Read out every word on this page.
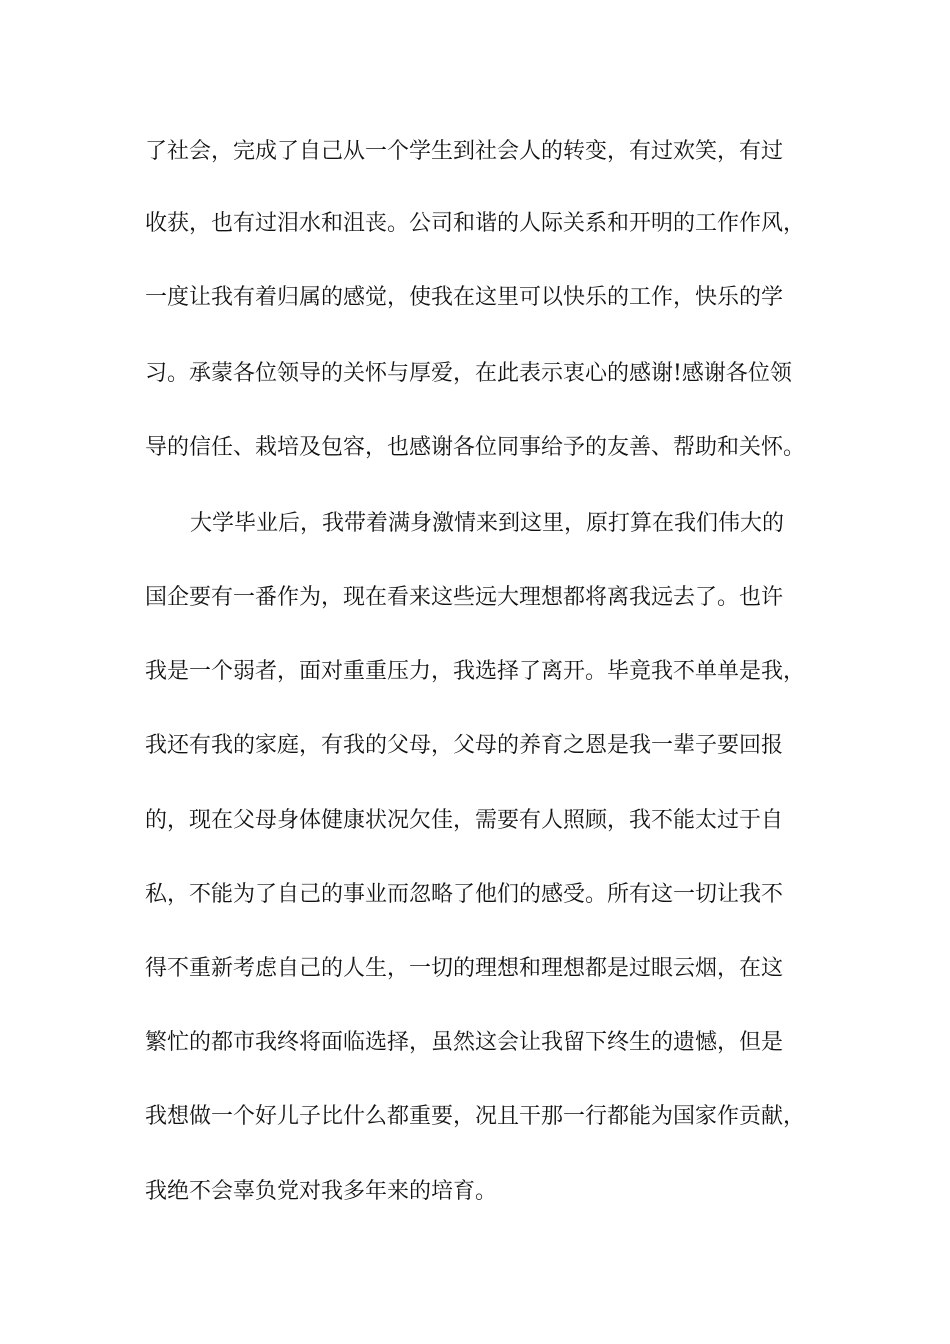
了社会，完成了自己从一个学生到社会人的转变，有过欢笑，有过

收获，也有过泪水和沮丧。公司和谐的人际关系和开明的工作作风，

一度让我有着归属的感觉，使我在这里可以快乐的工作，快乐的学

习。承蒙各位领导的关怀与厚爱，在此表示衷心的感谢!感谢各位领

导的信任、栽培及包容，也感谢各位同事给予的友善、帮助和关怀。

大学毕业后，我带着满身激情来到这里，原打算在我们伟大的

国企要有一番作为，现在看来这些远大理想都将离我远去了。也许

我是一个弱者，面对重重压力，我选择了离开。毕竟我不单单是我，

我还有我的家庭，有我的父母，父母的养育之恩是我一辈子要回报

的，现在父母身体健康状况欠佳，需要有人照顾，我不能太过于自

私，不能为了自己的事业而忽略了他们的感受。所有这一切让我不

得不重新考虑自己的人生，一切的理想和理想都是过眼云烟，在这

繁忙的都市我终将面临选择，虽然这会让我留下终生的遗憾，但是

我想做一个好儿子比什么都重要，况且干那一行都能为国家作贡献，

我绝不会辜负党对我多年来的培育。
